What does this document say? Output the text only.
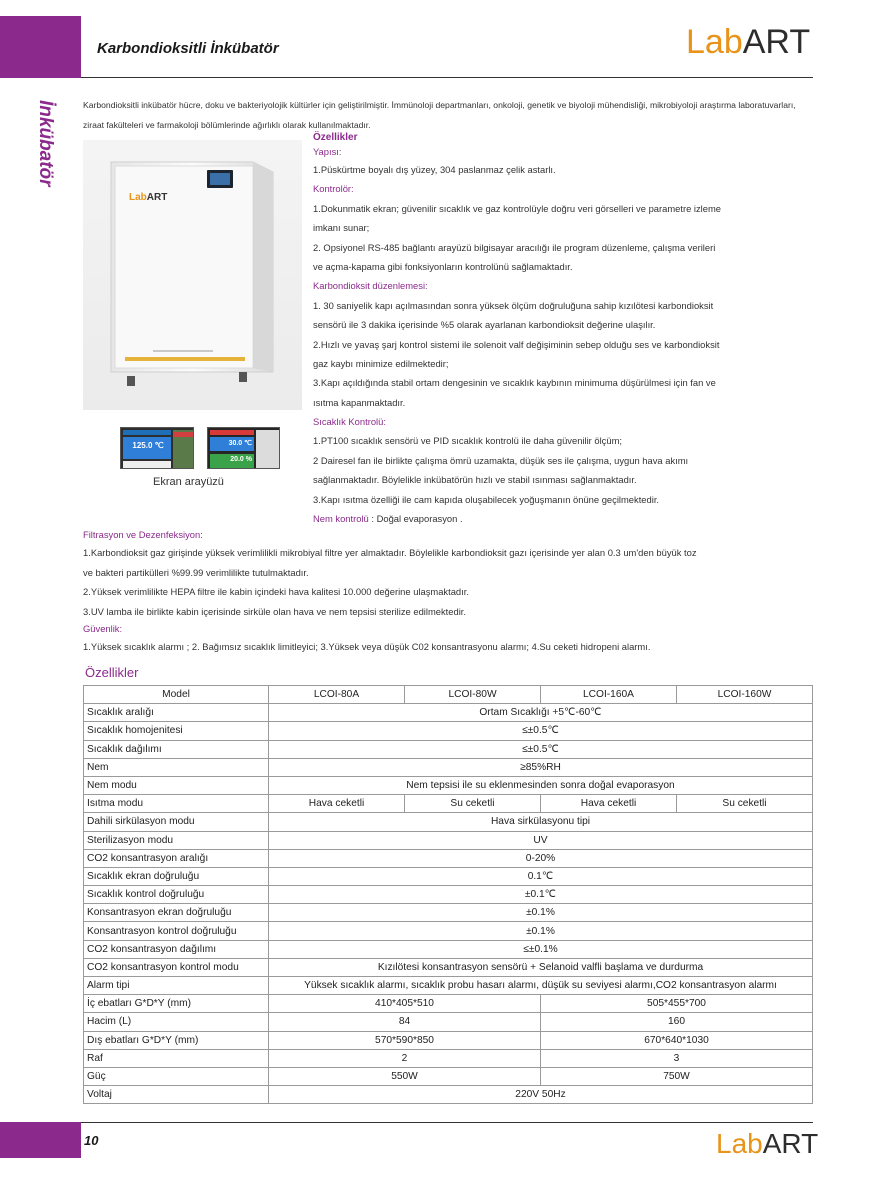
Karbondioksitli İnkübatör	LabART
İnkübatör	Karbondioksitli inkübatör hücre, doku ve bakteriyolojik kültürler için geliştirilmiştir. İmmünoloji departmanları, onkoloji, genetik ve biyoloji mühendisliği, mikrobiyoloji araştırma laboratuvarları, ziraat fakülteleri ve farmakoloji bölümlerinde ağırlıklı olarak kullanılmaktadır.
LabART
125.0 ℃	30.0 ℃
20.0 %
Ekran arayüzü
Özellikler
Yapısı:
1.Püskürtme boyalı dış yüzey, 304 paslanmaz çelik astarlı.
Kontrolör:
1.Dokunmatik ekran; güvenilir sıcaklık ve gaz kontrolüyle doğru veri görselleri ve parametre izleme
imkanı sunar;
2. Opsiyonel RS-485 bağlantı arayüzü bilgisayar aracılığı ile program düzenleme, çalışma verileri
ve açma-kapama gibi fonksiyonların kontrolünü sağlamaktadır.
Karbondioksit düzenlemesi:
1. 30 saniyelik kapı açılmasından sonra yüksek ölçüm doğruluğuna sahip kızılötesi karbondioksit
sensörü ile 3 dakika içerisinde %5 olarak ayarlanan karbondioksit değerine ulaşılır.
2.Hızlı ve yavaş şarj kontrol sistemi ile solenoit valf değişiminin sebep olduğu ses ve karbondioksit
gaz kaybı minimize edilmektedir;
3.Kapı açıldığında stabil ortam dengesinin ve sıcaklık kaybının minimuma düşürülmesi için fan ve
ısıtma kapanmaktadır.
Sıcaklık Kontrolü:
1.PT100 sıcaklık sensörü ve PID sıcaklık kontrolü ile daha güvenilir ölçüm;
2 Dairesel fan ile birlikte çalışma ömrü uzamakta, düşük ses ile çalışma, uygun hava akımı
sağlanmaktadır. Böylelikle inkübatörün hızlı ve stabil ısınması sağlanmaktadır.
3.Kapı ısıtma özelliği ile cam kapıda oluşabilecek yoğuşmanın önüne geçilmektedir.
Nem kontrolü : Doğal evaporasyon .
Filtrasyon ve Dezenfeksiyon:
1.Karbondioksit gaz girişinde yüksek verimlilikli mikrobiyal filtre yer almaktadır. Böylelikle karbondioksit gazı içerisinde yer alan 0.3 um'den büyük toz
ve bakteri partikülleri %99.99 verimlilikte tutulmaktadır.
2.Yüksek verimlilikte HEPA filtre ile kabin içindeki hava kalitesi 10.000 değerine ulaşmaktadır.
3.UV lamba ile birlikte kabin içerisinde sirküle olan hava ve nem tepsisi sterilize edilmektedir.
Güvenlik:
1.Yüksek sıcaklık alarmı ; 2. Bağımsız sıcaklık limitleyici; 3.Yüksek veya düşük C02 konsantrasyonu alarmı; 4.Su ceketi hidropeni alarmı.
Özellikler
Model	LCOI-80A	LCOI-80W	LCOI-160A	LCOI-160W
Sıcaklık aralığı	Ortam Sıcaklığı +5℃-60℃			
Sıcaklık homojenitesi	≤±0.5℃			
Sıcaklık dağılımı	≤±0.5℃			
Nem	≥85%RH			
Nem modu	Nem tepsisi ile su eklenmesinden sonra doğal evaporasyon			
Isıtma modu	Hava ceketli	Su ceketli	Hava ceketli	Su ceketli
Dahili sirkülasyon modu	Hava sirkülasyonu tipi			
Sterilizasyon modu	UV			
CO2 konsantrasyon aralığı	0-20%			
Sıcaklık ekran doğruluğu	0.1℃			
Sıcaklık kontrol doğruluğu	±0.1℃			
Konsantrasyon ekran doğruluğu	±0.1%			
Konsantrasyon kontrol doğruluğu	±0.1%			
CO2 konsantrasyon dağılımı	≤±0.1%			
CO2 konsantrasyon kontrol modu	Kızılötesi konsantrasyon sensörü + Selanoid valfli başlama ve durdurma			
Alarm tipi	Yüksek sıcaklık alarmı, sıcaklık probu hasarı alarmı, düşük su seviyesi alarmı,CO2 konsantrasyon alarmı			
İç ebatları G*D*Y (mm)	410*405*510		505*455*700	
Hacim (L)	84		160	
Dış ebatları G*D*Y (mm)	570*590*850		670*640*1030	
Raf	2		3	
Güç	550W		750W	
Voltaj	220V 50Hz			
10	LabART
